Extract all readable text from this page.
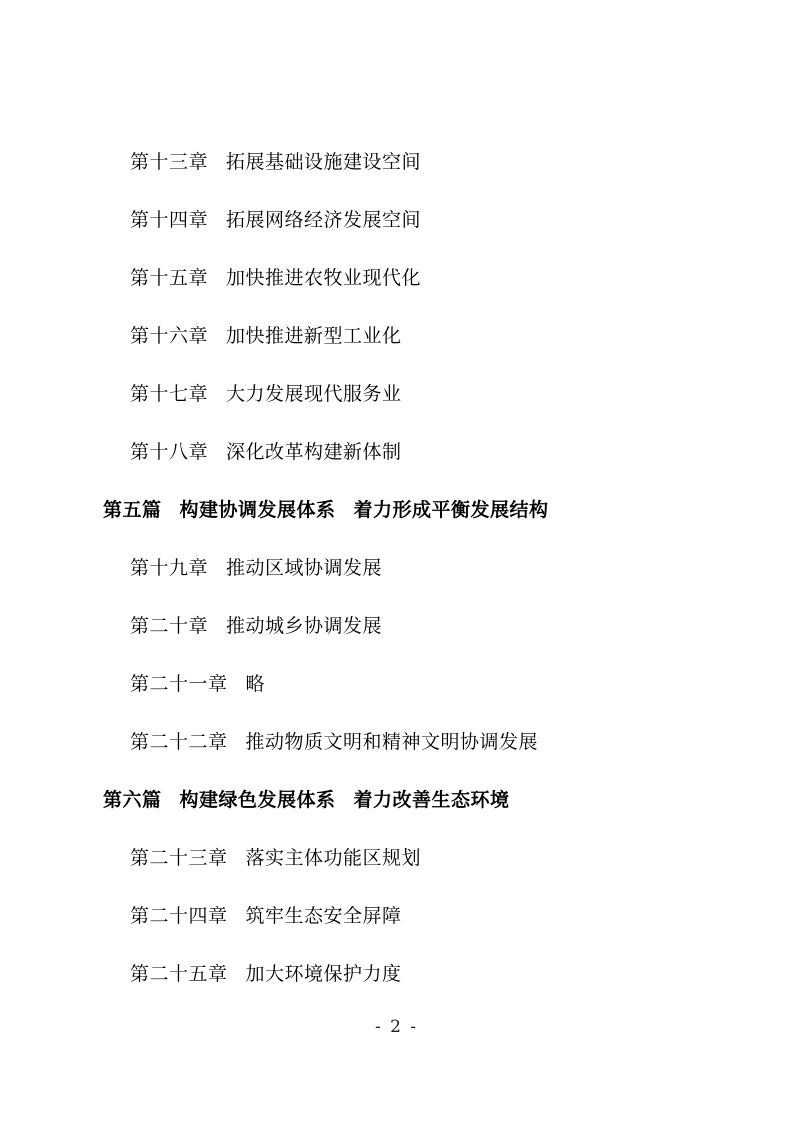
第十三章 拓展基础设施建设空间
第十四章 拓展网络经济发展空间
第十五章 加快推进农牧业现代化
第十六章 加快推进新型工业化
第十七章 大力发展现代服务业
第十八章 深化改革构建新体制
第五篇 构建协调发展体系 着力形成平衡发展结构
第十九章 推动区域协调发展
第二十章 推动城乡协调发展
第二十一章 略
第二十二章 推动物质文明和精神文明协调发展
第六篇 构建绿色发展体系 着力改善生态环境
第二十三章 落实主体功能区规划
第二十四章 筑牢生态安全屏障
第二十五章 加大环境保护力度
- 2 -
